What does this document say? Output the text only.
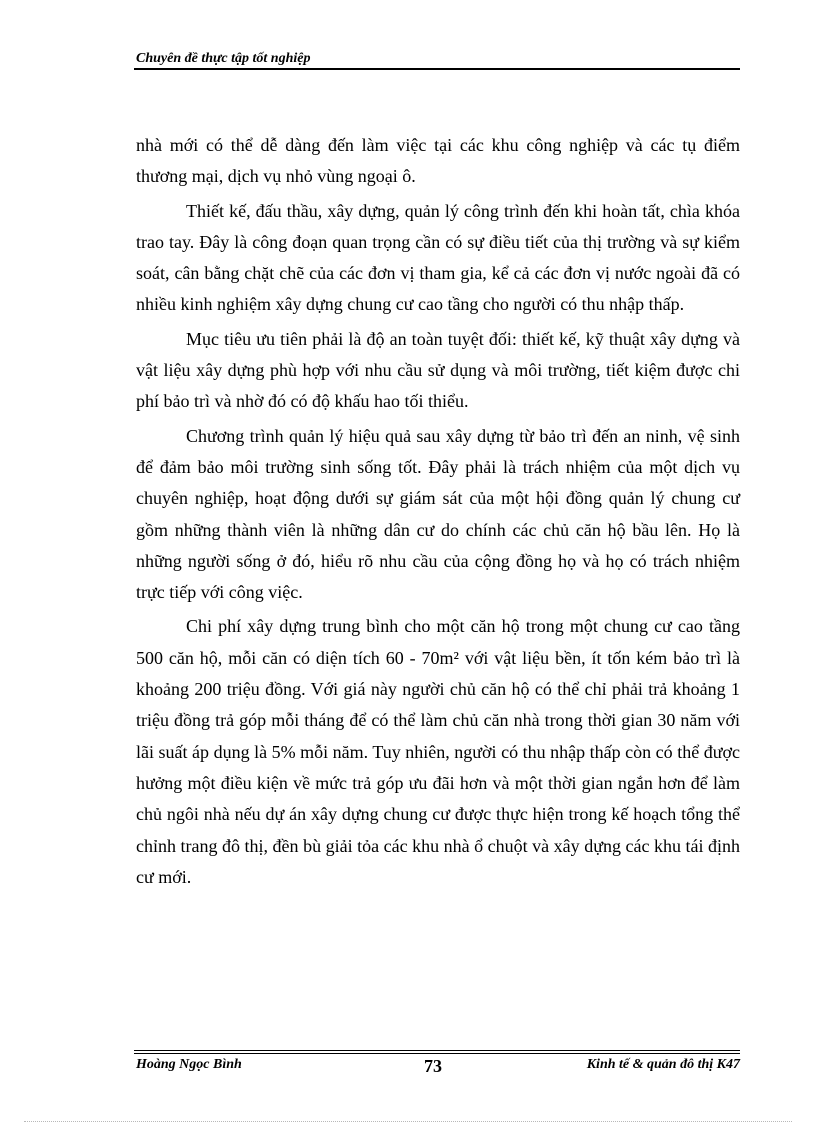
Chuyên đề thực tập tốt nghiệp

nhà mới có thể dễ dàng đến làm việc tại các khu công nghiệp và các tụ điểm thương mại, dịch vụ nhỏ vùng ngoại ô.

Thiết kế, đấu thầu, xây dựng, quản lý công trình đến khi hoàn tất, chìa khóa trao tay. Đây là công đoạn quan trọng cần có sự điều tiết của thị trường và sự kiểm soát, cân bằng chặt chẽ của các đơn vị tham gia, kể cả các đơn vị nước ngoài đã có nhiều kinh nghiệm xây dựng chung cư cao tầng cho người có thu nhập thấp.

Mục tiêu ưu tiên phải là độ an toàn tuyệt đối: thiết kế, kỹ thuật xây dựng và vật liệu xây dựng phù hợp với nhu cầu sử dụng và môi trường, tiết kiệm được chi phí bảo trì và nhờ đó có độ khấu hao tối thiểu.

Chương trình quản lý hiệu quả sau xây dựng từ bảo trì đến an ninh, vệ sinh để đảm bảo môi trường sinh sống tốt. Đây phải là trách nhiệm của một dịch vụ chuyên nghiệp, hoạt động dưới sự giám sát của một hội đồng quản lý chung cư gồm những thành viên là những dân cư do chính các chủ căn hộ bầu lên. Họ là những người sống ở đó, hiểu rõ nhu cầu của cộng đồng họ và họ có trách nhiệm trực tiếp với công việc.

Chi phí xây dựng trung bình cho một căn hộ trong một chung cư cao tầng 500 căn hộ, mỗi căn có diện tích 60 - 70m² với vật liệu bền, ít tốn kém bảo trì là khoảng 200 triệu đồng. Với giá này người chủ căn hộ có thể chỉ phải trả khoảng 1 triệu đồng trả góp mỗi tháng để có thể làm chủ căn nhà trong thời gian 30 năm với lãi suất áp dụng là 5% mỗi năm. Tuy nhiên, người có thu nhập thấp còn có thể được hưởng một điều kiện về mức trả góp ưu đãi hơn và một thời gian ngắn hơn để làm chủ ngôi nhà nếu dự án xây dựng chung cư được thực hiện trong kế hoạch tổng thể chỉnh trang đô thị, đền bù giải tỏa các khu nhà ổ chuột và xây dựng các khu tái định cư mới.

Hoàng Ngọc Bình	73	Kinh tế & quản đô thị K47
